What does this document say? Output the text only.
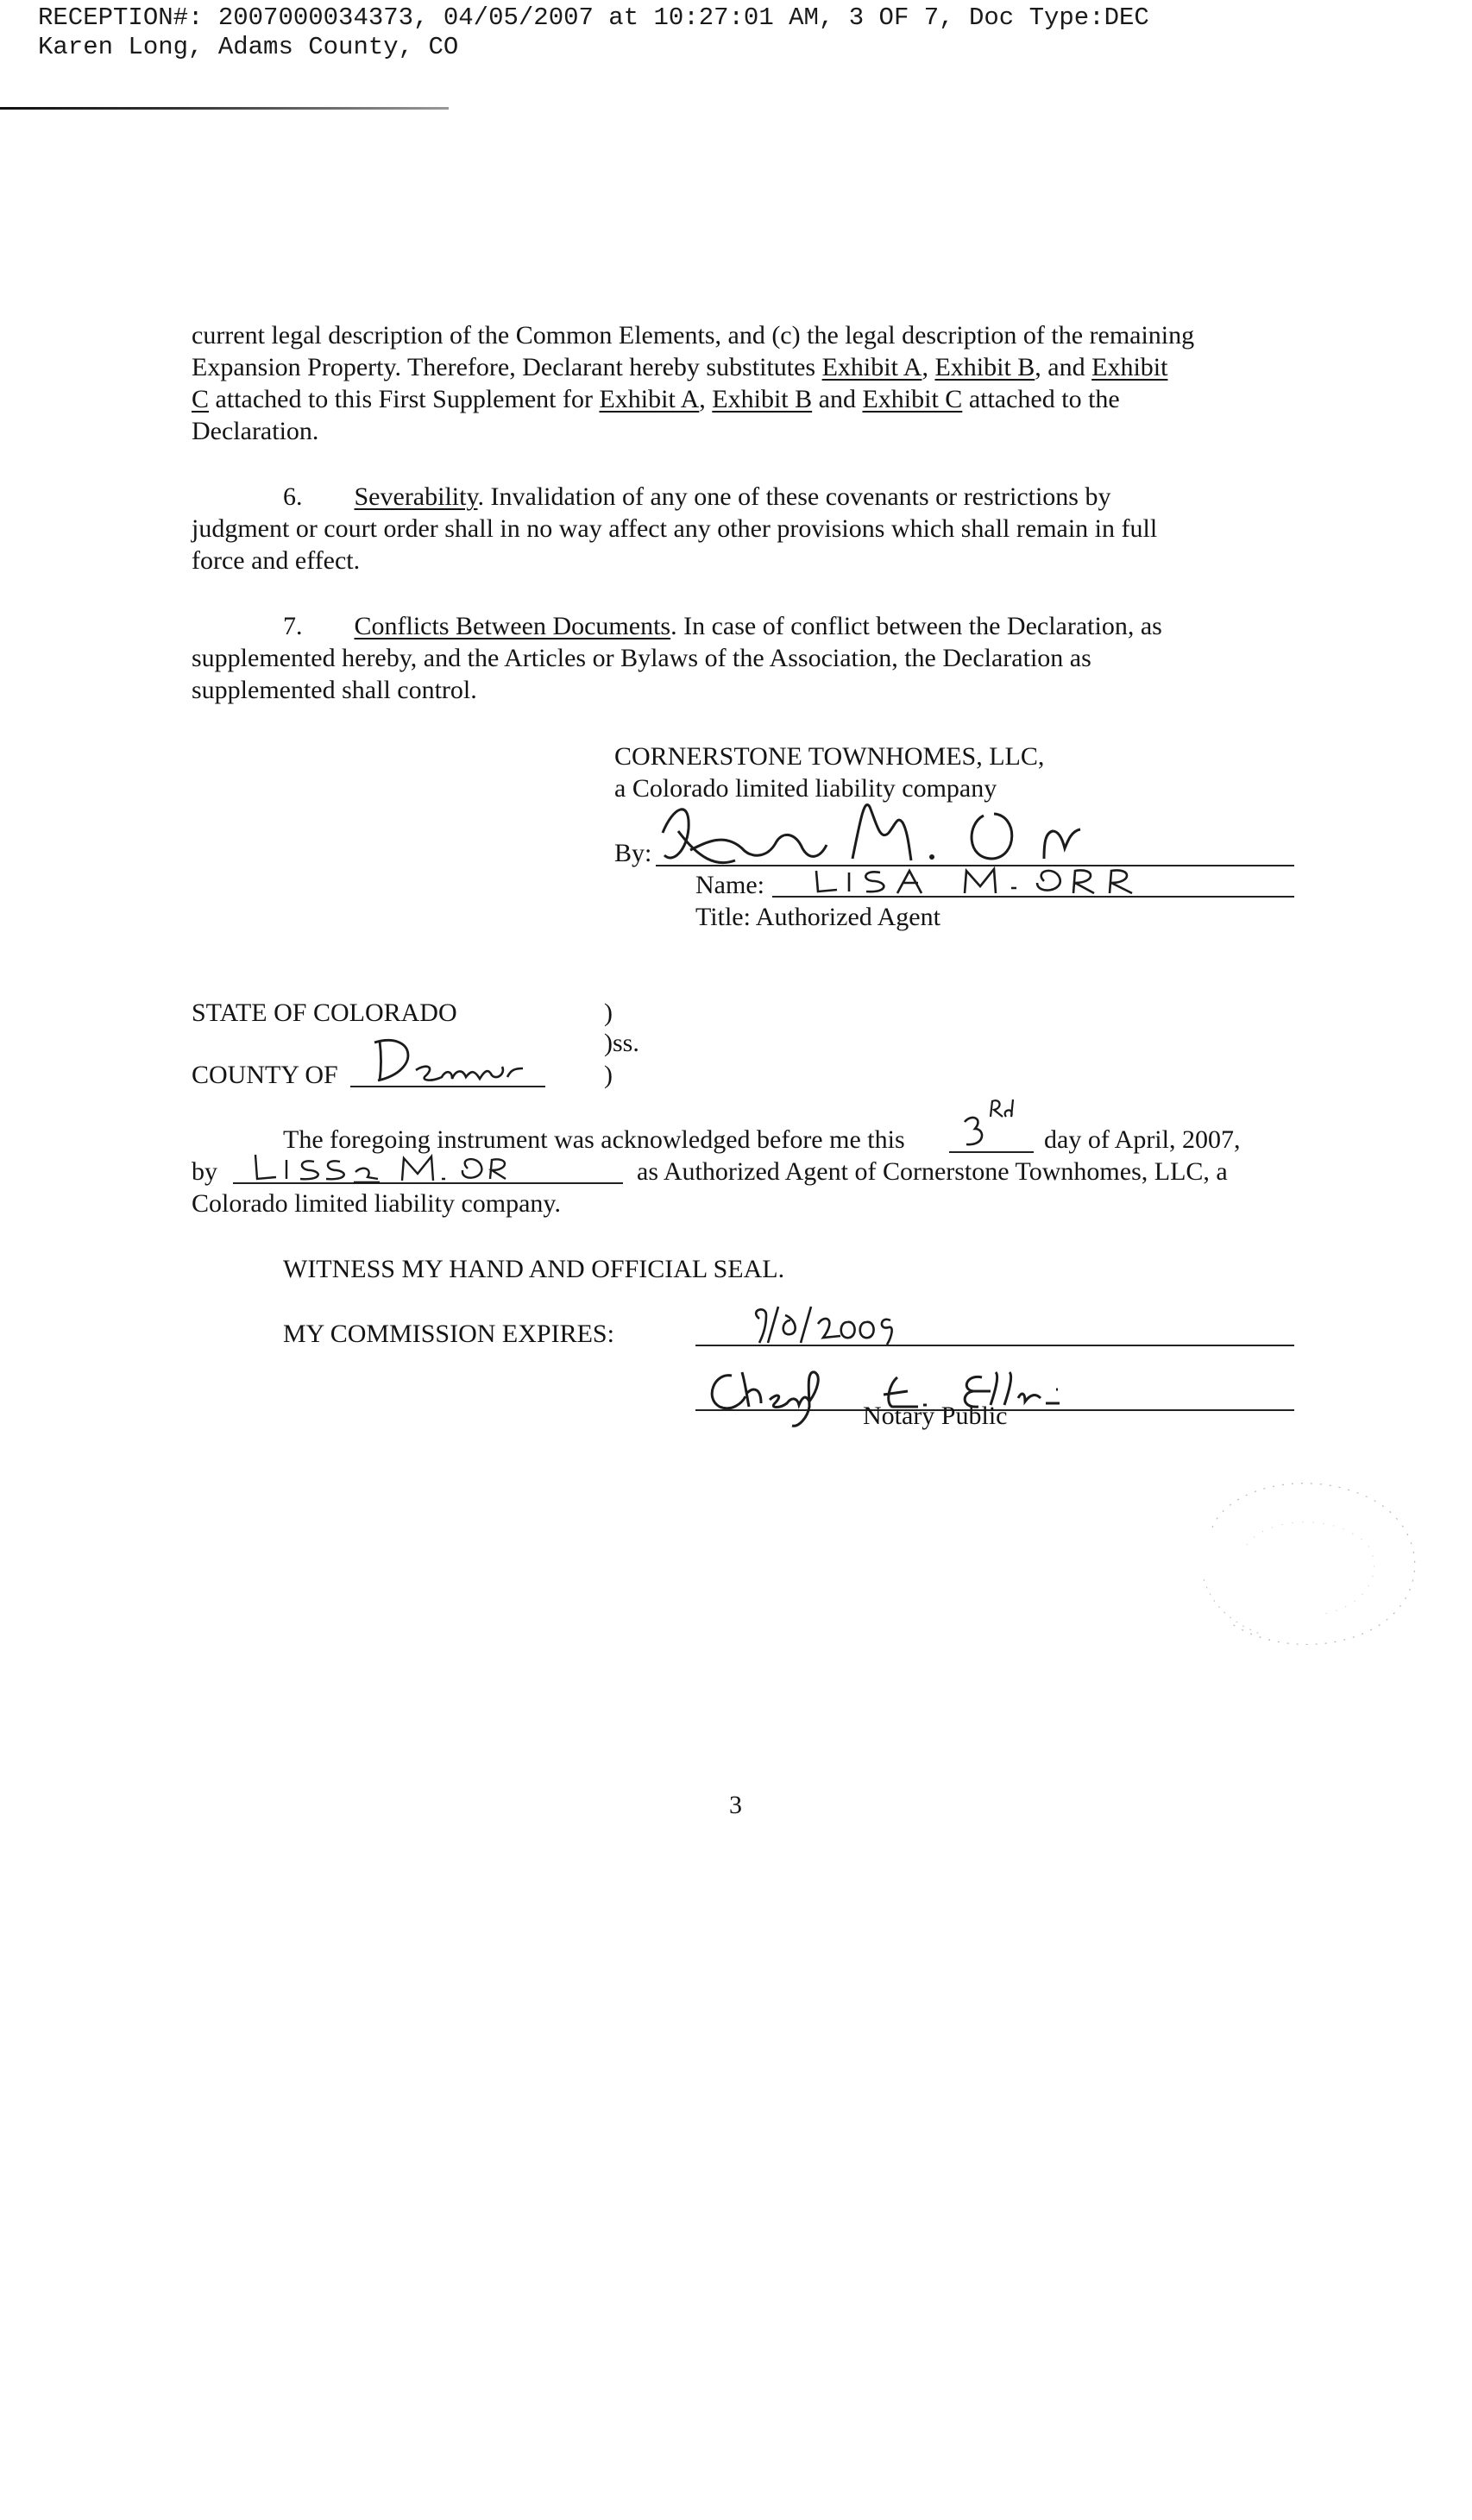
RECEPTION#: 2007000034373, 04/05/2007 at 10:27:01 AM, 3 OF 7, Doc Type:DEC
Karen Long, Adams County, CO
current legal description of the Common Elements, and (c) the legal description of the remaining
Expansion Property. Therefore, Declarant hereby substitutes Exhibit A, Exhibit B, and Exhibit
C attached to this First Supplement for Exhibit A, Exhibit B and Exhibit C attached to the
Declaration.
6. Severability. Invalidation of any one of these covenants or restrictions by
judgment or court order shall in no way affect any other provisions which shall remain in full
force and effect.
7. Conflicts Between Documents. In case of conflict between the Declaration, as
supplemented hereby, and the Articles or Bylaws of the Association, the Declaration as
supplemented shall control.
CORNERSTONE TOWNHOMES, LLC,
a Colorado limited liability company
By:
Name:
Title: Authorized Agent
STATE OF COLORADO	)
)ss.
COUNTY OF	)
The foregoing instrument was acknowledged before me this	day of April, 2007,
by	as Authorized Agent of Cornerstone Townhomes, LLC, a
Colorado limited liability company.
WITNESS MY HAND AND OFFICIAL SEAL.
MY COMMISSION EXPIRES:
Notary Public
3
